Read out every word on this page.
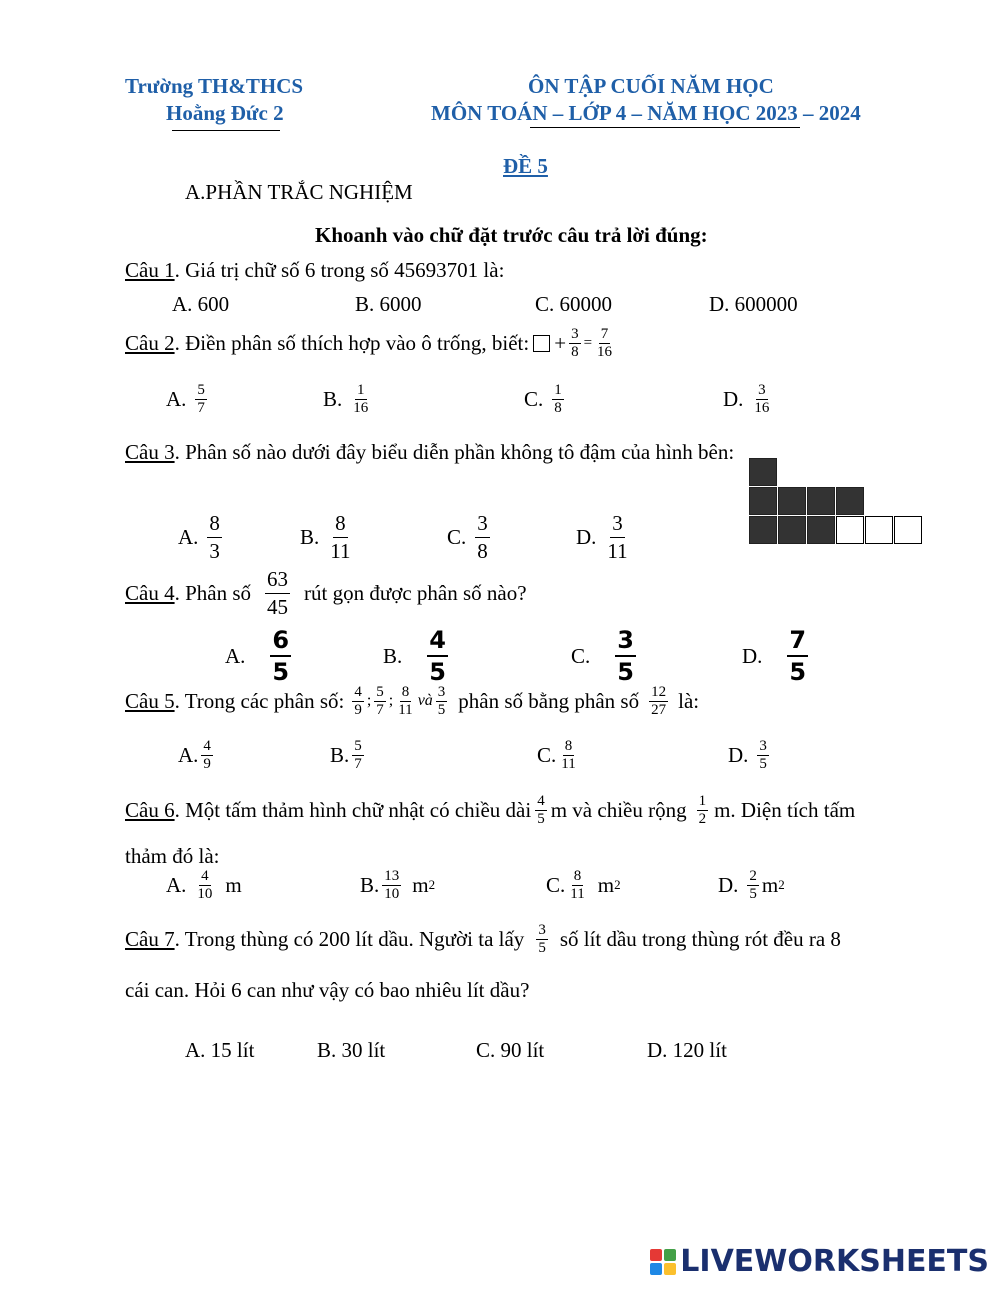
Trường TH&THCS
Hoằng Đức 2
ÔN TẬP CUỐI NĂM HỌC
MÔN TOÁN – LỚP 4 – NĂM HỌC 2023 – 2024
ĐỀ 5
A.PHẦN TRẮC NGHIỆM
Khoanh vào chữ đặt trước câu trả lời đúng:
Câu 1. Giá trị chữ số 6 trong số 45693701 là:
A. 600	B. 6000	C. 60000	D. 600000
Câu 2 . Điền phân số thích hợp vào ô trống, biết: + $\frac{3}{8} = \frac{7}{16}$
A. $\frac{5}{7}$	B. $\frac{1}{16}$	C. $\frac{1}{8}$	D. $\frac{3}{16}$
Câu 3. Phân số nào dưới đây biểu diễn phần không tô đậm của hình bên:
A. $\frac{8}{3}$	B. $\frac{8}{11}$	C. $\frac{3}{8}$	D. $\frac{3}{11}$
Câu 4 . Phân số $\frac{63}{45}$ rút gọn được phân số nào?
A. $\frac{6}{5}$	B. $\frac{4}{5}$	C. $\frac{3}{5}$	D. $\frac{7}{5}$
Câu 5 . Trong các phân số: $\frac{4}{9}$ ; $\frac{5}{7}$ ; $\frac{8}{11}$ và $\frac{3}{5}$ phân số bằng phân số $\frac{12}{27}$ là:
A. $\frac{4}{9}$	B. $\frac{5}{7}$	C. $\frac{8}{11}$	D. $\frac{3}{5}$
Câu 6 . Một tấm thảm hình chữ nhật có chiều dài $\frac{4}{5}$ m và chiều rộng $\frac{1}{2} m$. Diện tích tấm
thảm đó là:
A. $\frac{4}{10}$ m	B. $\frac{13}{10}$ m 2	C. $\frac{8}{11}$ m 2	D. $\frac{2}{5}$ m 2
Câu 7 . Trong thùng có 200 lít dầu. Người ta lấy $\frac{3}{5}$ số lít dầu trong thùng rót đều ra 8
cái can. Hỏi 6 can như vậy có bao nhiêu lít dầu?
A. 15 lít	B. 30 lít	C. 90 lít	D. 120 lít
LIVEWORKSHEETS
